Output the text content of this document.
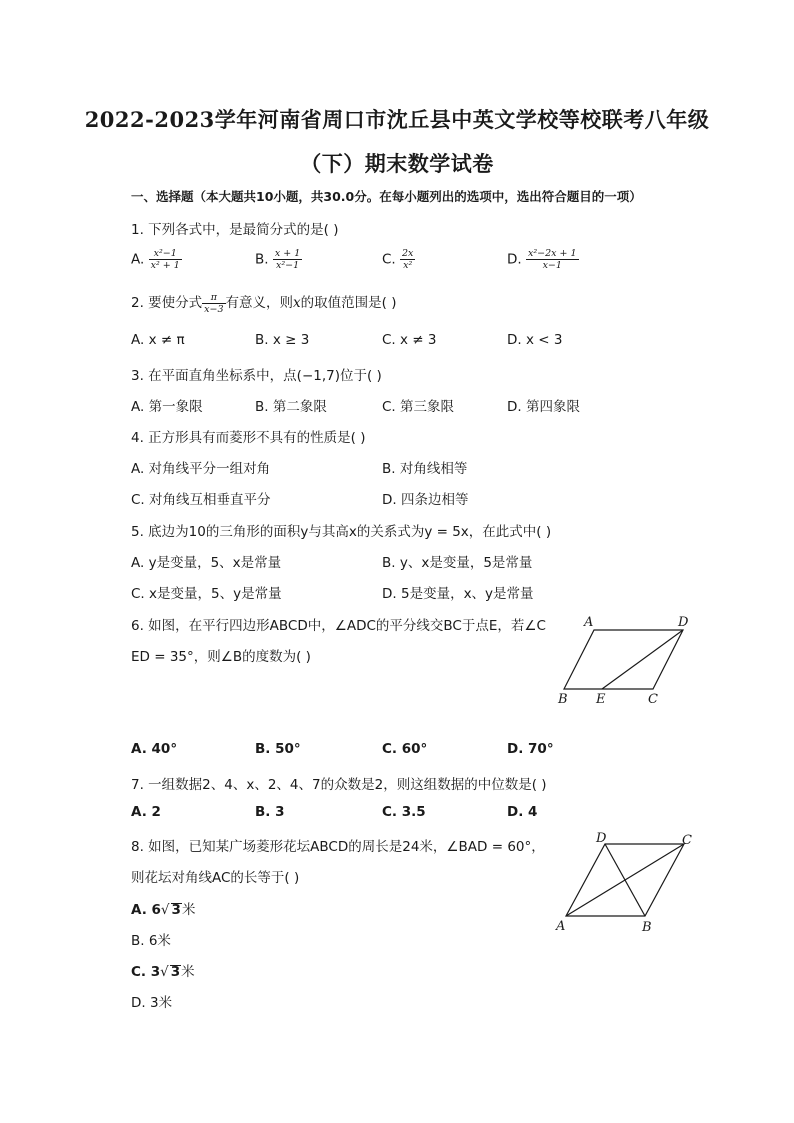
2022-2023学年河南省周口市沈丘县中英文学校等校联考八年级
（下）期末数学试卷
一、选择题（本大题共10小题，共30.0分。在每小题列出的选项中，选出符合题目的一项）
1. 下列各式中，是最简分式的是( )
A. $\frac{\text{x²−1}}{\text{x² + 1}}$	B. $\frac{x + 1}{\text{x²−1}}$	C. $\frac{2x}{\text{x²}}$	D. $\frac{\text{x²−2x + 1}}{x-1}$
2. 要使分式 $\frac{\pi}{x-3}$ 有意义，则x的取值范围是( )
A. x ≠ π	B. x ≥ 3	C. x ≠ 3	D. x < 3
3. 在平面直角坐标系中，点(−1,7)位于( )
A. 第一象限	B. 第二象限	C. 第三象限	D. 第四象限
4. 正方形具有而菱形不具有的性质是( )
A. 对角线平分一组对角	B. 对角线相等
C. 对角线互相垂直平分	D. 四条边相等
5. 底边为10的三角形的面积y与其高x的关系式为y = 5x，在此式中( )
A. y是变量，5、x是常量	B. y、x是变量，5是常量
C. x是变量，5、y是常量	D. 5是变量，x、y是常量
6. 如图，在平行四边形ABCD中，∠ADC的平分线交BC于点E，若∠C
ED = 35°，则∠B的度数为( )
A	D
B E	C
A. 40°	B. 50°	C. 60°	D. 70°
7. 一组数据2、4、x、2、4、7的众数是2，则这组数据的中位数是( )
A. 2	B. 3	C. 3.5	D. 4
8. 如图，已知某广场菱形花坛ABCD的周长是24米，∠BAD = 60°，
则花坛对角线AC的长等于( )
D	C
A	B
A. 6√ 3米
B. 6米
C. 3√ 3米
D. 3米
